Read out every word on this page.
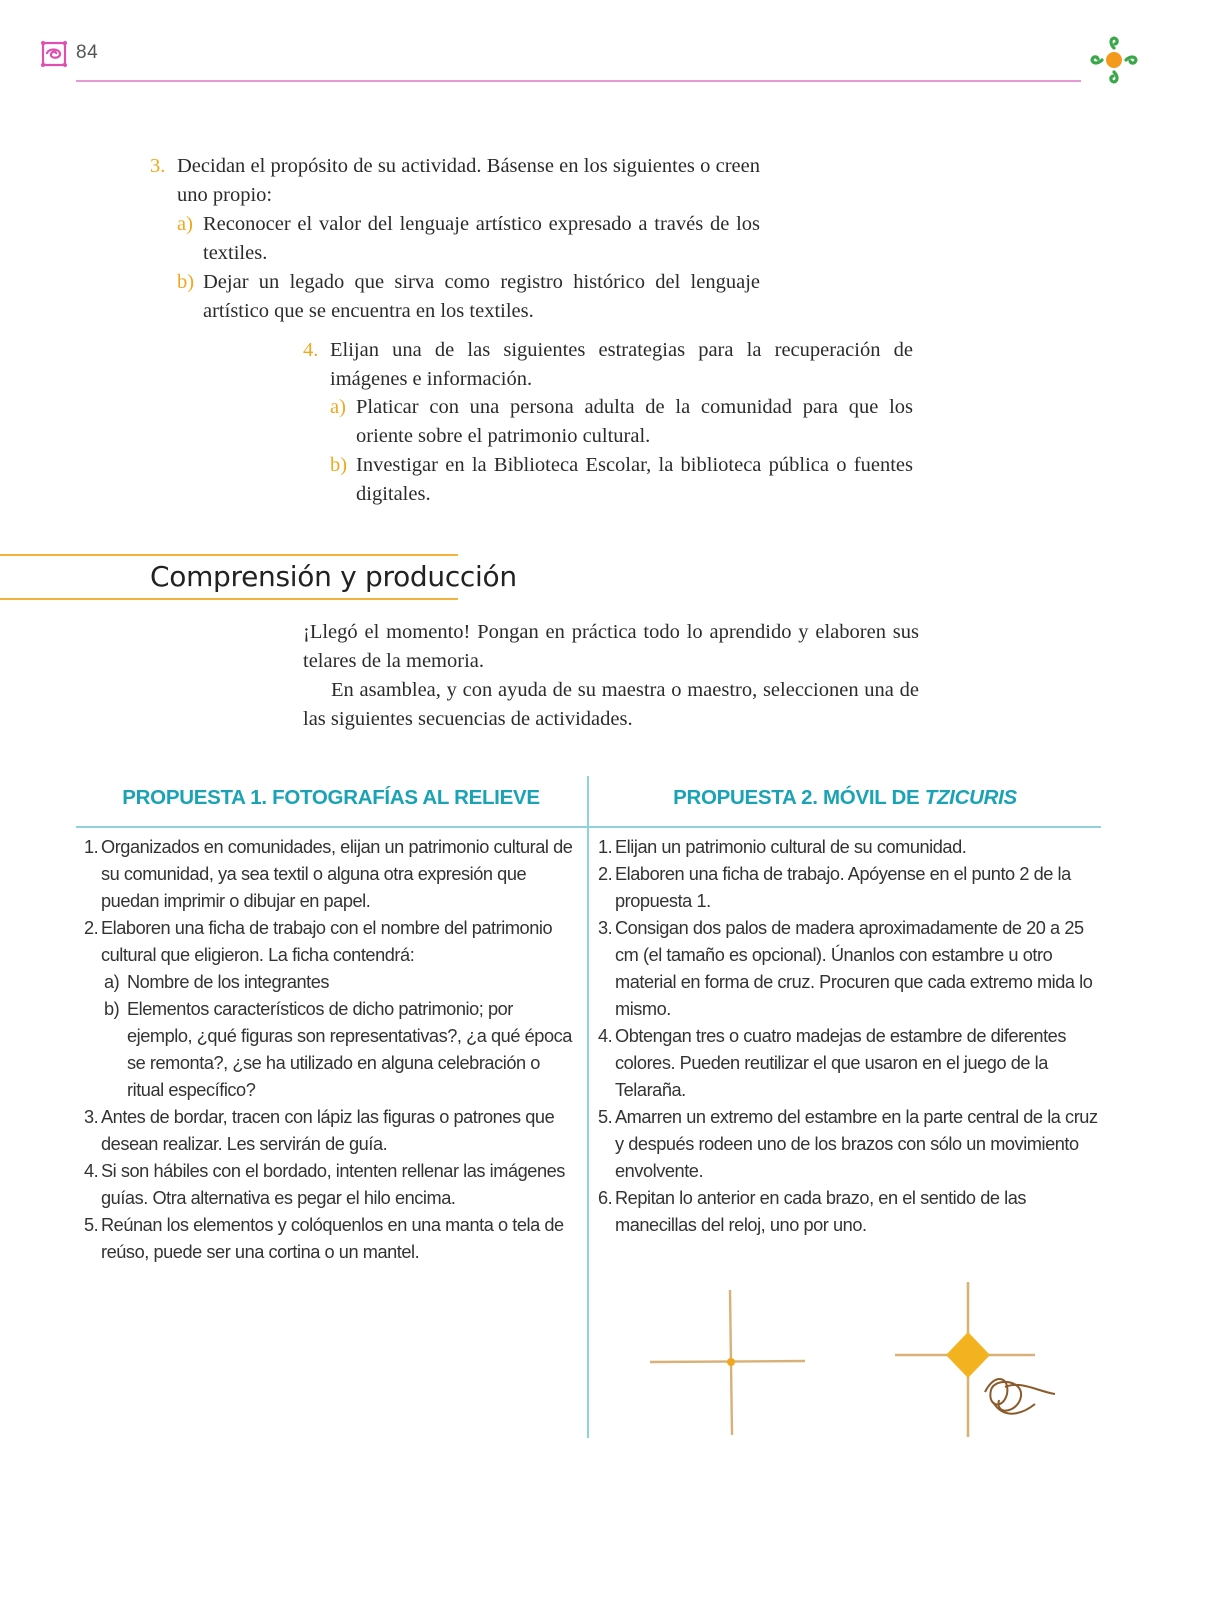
84
3. Decidan el propósito de su actividad. Básense en los siguientes o creen uno propio:
a) Reconocer el valor del lenguaje artístico expresado a través de los textiles.
b) Dejar un legado que sirva como registro histórico del lenguaje artístico que se encuentra en los textiles.
4. Elijan una de las siguientes estrategias para la recuperación de imágenes e información.
a) Platicar con una persona adulta de la comunidad para que los oriente sobre el patrimonio cultural.
b) Investigar en la Biblioteca Escolar, la biblioteca pública o fuentes digitales.
Comprensión y producción

¡Llegó el momento! Pongan en práctica todo lo aprendido y elaboren sus telares de la memoria.

En asamblea, y con ayuda de su maestra o maestro, seleccionen una de las siguientes secuencias de actividades.

PROPUESTA 1. FOTOGRAFÍAS AL RELIEVE	PROPUESTA 2. MÓVIL DE TZICURIS
1. Organizados en comunidades, elijan un patrimonio cultural de su comunidad, ya sea textil o alguna otra expresión que puedan imprimir o dibujar en papel.
2. Elaboren una ficha de trabajo con el nombre del patrimonio cultural que eligieron. La ficha contendrá:
a) Nombre de los integrantes
b) Elementos característicos de dicho patrimonio; por ejemplo, ¿qué figuras son representativas?, ¿a qué época se remonta?, ¿se ha utilizado en alguna celebración o ritual específico?
3. Antes de bordar, tracen con lápiz las figuras o patrones que desean realizar. Les servirán de guía.
4. Si son hábiles con el bordado, intenten rellenar las imágenes guías. Otra alternativa es pegar el hilo encima.
5. Reúnan los elementos y colóquenlos en una manta o tela de reúso, puede ser una cortina o un mantel.
1. Elijan un patrimonio cultural de su comunidad.
2. Elaboren una ficha de trabajo. Apóyense en el punto 2 de la propuesta 1.
3. Consigan dos palos de madera aproximadamente de 20 a 25 cm (el tamaño es opcional). Únanlos con estambre u otro material en forma de cruz. Procuren que cada extremo mida lo mismo.
4. Obtengan tres o cuatro madejas de estambre de diferentes colores. Pueden reutilizar el que usaron en el juego de la Telaraña.
5. Amarren un extremo del estambre en la parte central de la cruz y después rodeen uno de los brazos con sólo un movimiento envolvente.
6. Repitan lo anterior en cada brazo, en el sentido de las manecillas del reloj, uno por uno.
